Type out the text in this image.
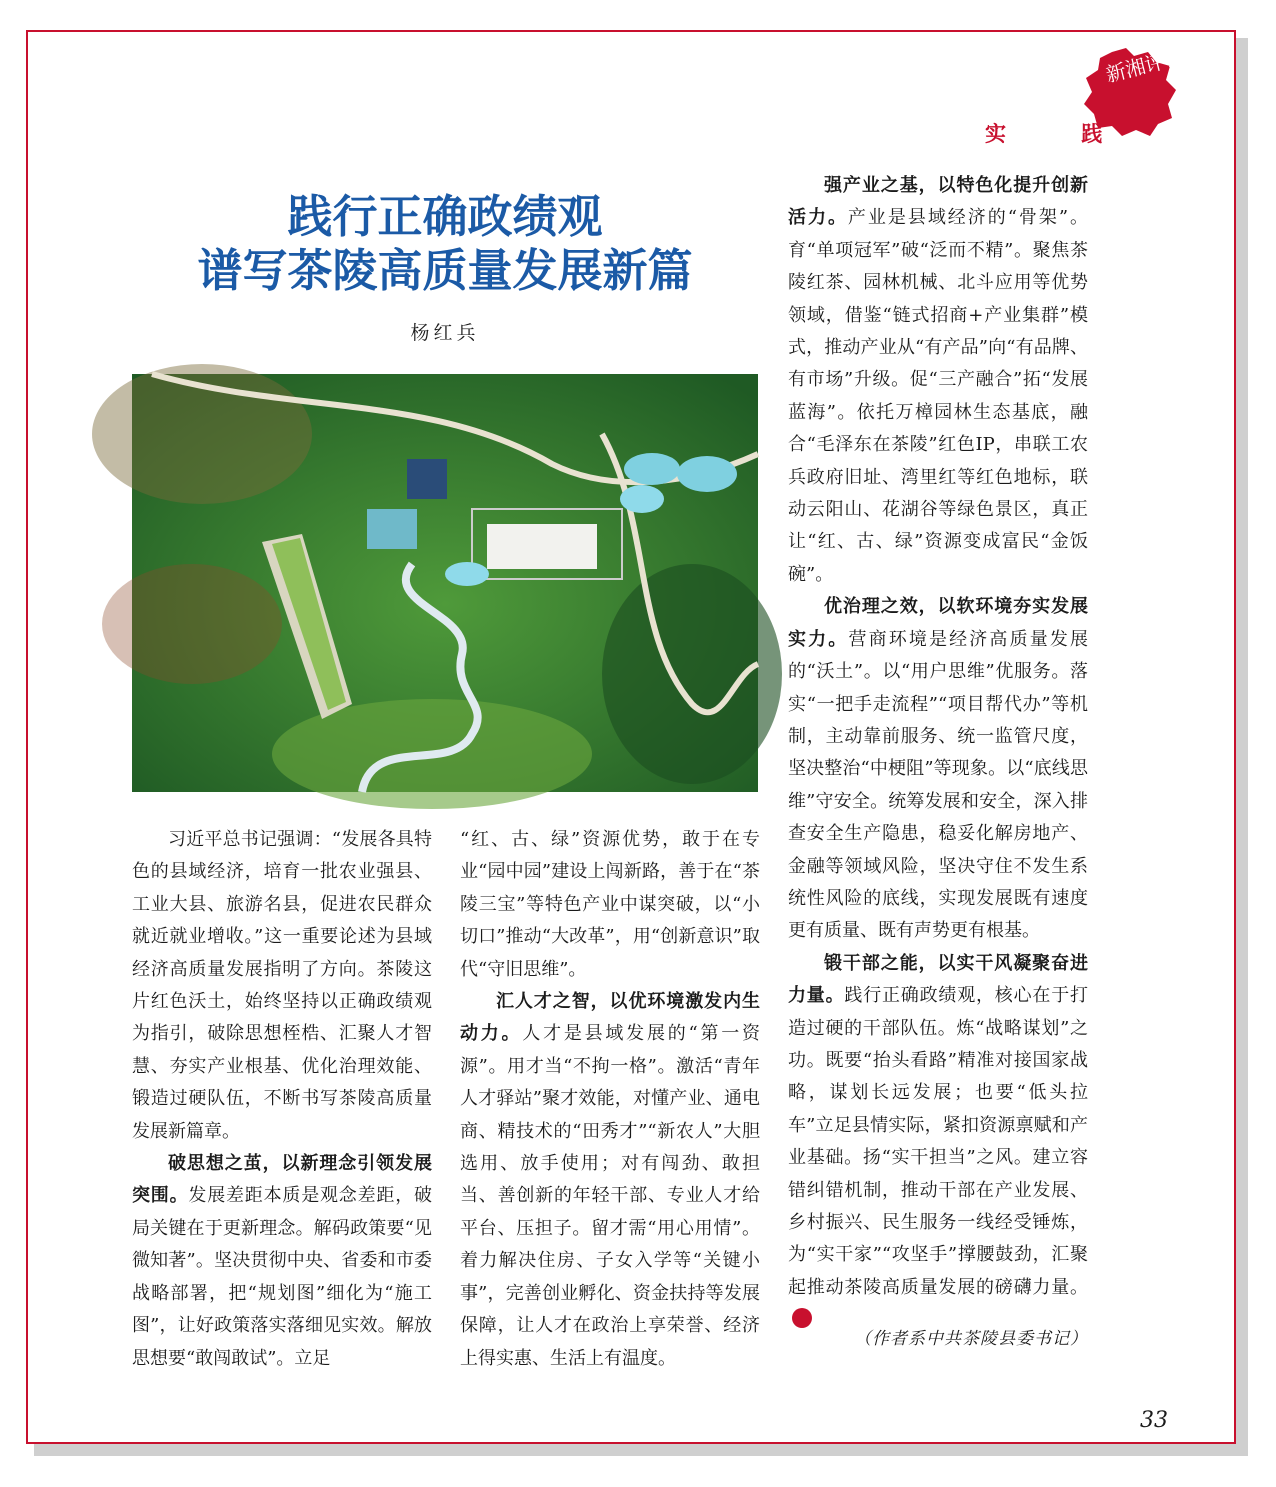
新湘评论
实 践
践行正确政绩观
谱写茶陵高质量发展新篇
杨红兵

习近平总书记强调：“发展各具特色的县域经济，培育一批农业强县、工业大县、旅游名县，促进农民群众就近就业增收。”这一重要论述为县域经济高质量发展指明了方向。茶陵这片红色沃土，始终坚持以正确政绩观为指引，破除思想桎梏、汇聚人才智慧、夯实产业根基、优化治理效能、锻造过硬队伍，不断书写茶陵高质量发展新篇章。

破思想之茧，以新理念引领发展突围。发展差距本质是观念差距，破局关键在于更新理念。解码政策要“见微知著”。坚决贯彻中央、省委和市委战略部署，把“规划图”细化为“施工图”，让好政策落实落细见实效。解放思想要“敢闯敢试”。立足

“红、古、绿”资源优势，敢于在专业“园中园”建设上闯新路，善于在“茶陵三宝”等特色产业中谋突破，以“小切口”推动“大改革”，用“创新意识”取代“守旧思维”。

汇人才之智，以优环境激发内生动力。人才是县域发展的“第一资源”。用才当“不拘一格”。激活“青年人才驿站”聚才效能，对懂产业、通电商、精技术的“田秀才”“新农人”大胆选用、放手使用；对有闯劲、敢担当、善创新的年轻干部、专业人才给平台、压担子。留才需“用心用情”。着力解决住房、子女入学等“关键小事”，完善创业孵化、资金扶持等发展保障，让人才在政治上享荣誉、经济上得实惠、生活上有温度。

强产业之基，以特色化提升创新活力。产业是县域经济的“骨架”。育“单项冠军”破“泛而不精”。聚焦茶陵红茶、园林机械、北斗应用等优势领域，借鉴“链式招商+产业集群”模式，推动产业从“有产品”向“有品牌、有市场”升级。促“三产融合”拓“发展蓝海”。依托万樟园林生态基底，融合“毛泽东在茶陵”红色IP，串联工农兵政府旧址、湾里红等红色地标，联动云阳山、花湖谷等绿色景区，真正让“红、古、绿”资源变成富民“金饭碗”。

优治理之效，以软环境夯实发展实力。营商环境是经济高质量发展的“沃土”。以“用户思维”优服务。落实“一把手走流程”“项目帮代办”等机制，主动靠前服务、统一监管尺度，坚决整治“中梗阻”等现象。以“底线思维”守安全。统筹发展和安全，深入排查安全生产隐患，稳妥化解房地产、金融等领域风险，坚决守住不发生系统性风险的底线，实现发展既有速度更有质量、既有声势更有根基。

锻干部之能，以实干风凝聚奋进力量。践行正确政绩观，核心在于打造过硬的干部队伍。炼“战略谋划”之功。既要“抬头看路”精准对接国家战略，谋划长远发展；也要“低头拉车”立足县情实际，紧扣资源禀赋和产业基础。扬“实干担当”之风。建立容错纠错机制，推动干部在产业发展、乡村振兴、民生服务一线经受锤炼，为“实干家”“攻坚手”撑腰鼓劲，汇聚起推动茶陵高质量发展的磅礴力量。

（作者系中共茶陵县委书记）
33
